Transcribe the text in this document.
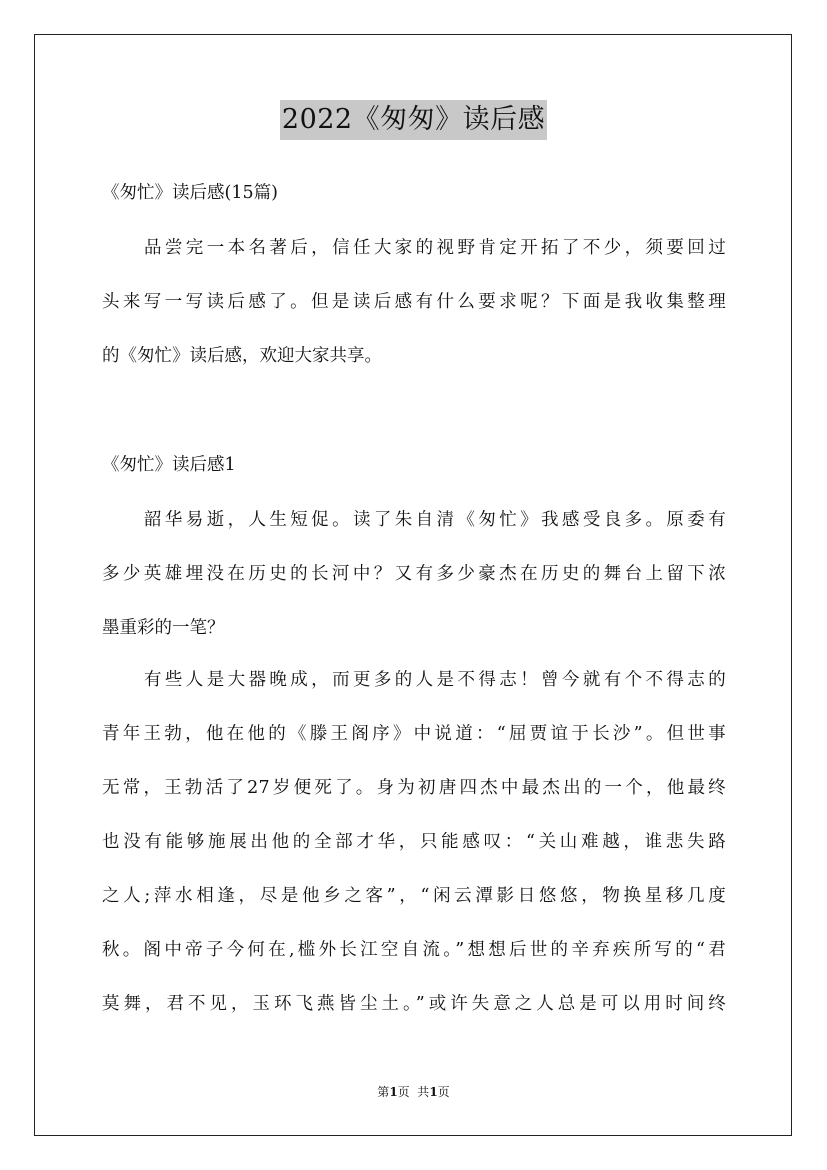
2022《匆匆》读后感

《匆忙》读后感(15篇)

品尝完一本名著后，信任大家的视野肯定开拓了不少，须要回过

头来写一写读后感了。但是读后感有什么要求呢？下面是我收集整理

的《匆忙》读后感，欢迎大家共享。

《匆忙》读后感1

韶华易逝，人生短促。读了朱自清《匆忙》我感受良多。原委有

多少英雄埋没在历史的长河中？又有多少豪杰在历史的舞台上留下浓

墨重彩的一笔？

有些人是大器晚成，而更多的人是不得志！曾今就有个不得志的

青年王勃，他在他的《滕王阁序》中说道：“屈贾谊于长沙”。但世事

无常，王勃活了27岁便死了。身为初唐四杰中最杰出的一个，他最终

也没有能够施展出他的全部才华，只能感叹：“关山难越，谁悲失路

之人;萍水相逢，尽是他乡之客”，“闲云潭影日悠悠，物换星移几度

秋。阁中帝子今何在,槛外长江空自流。”想想后世的辛弃疾所写的“君

莫舞，君不见，玉环飞燕皆尘土。”或许失意之人总是可以用时间终

第1页  共1页
